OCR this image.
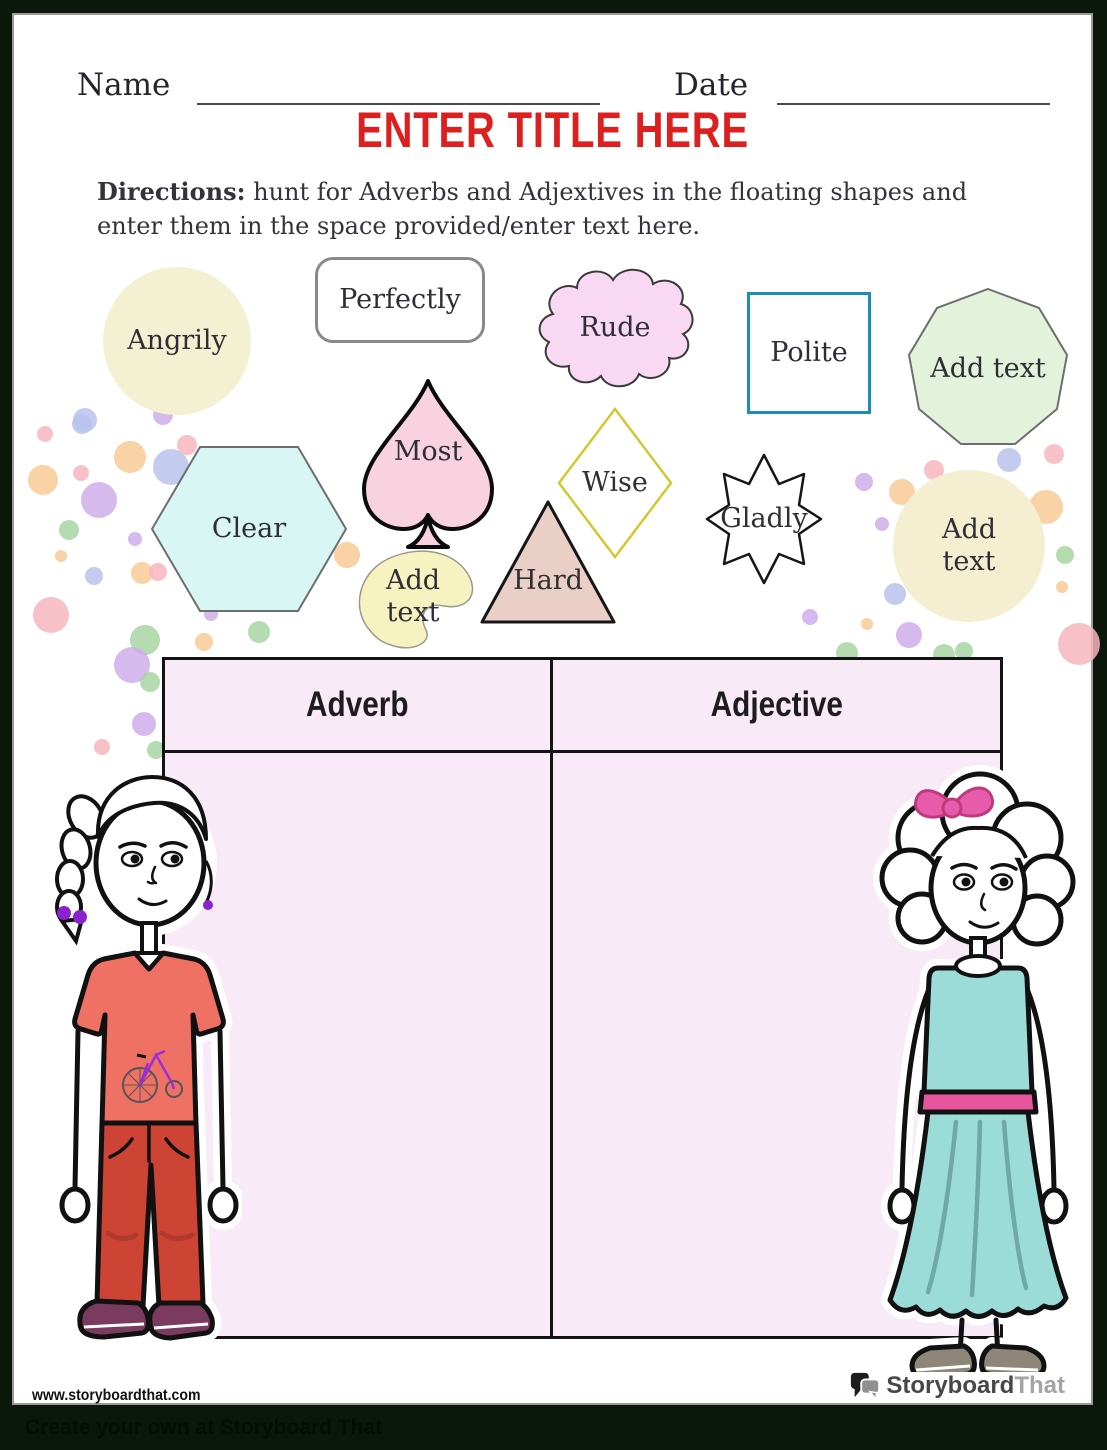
Name	Date
ENTER TITLE HERE
Directions: hunt for Adverbs and Adjextives in the floating shapes and enter them in the space provided/enter text here.
Angrily
Perfectly
Rude
Polite
Add text
Clear
Most
Wise
Gladly
Hard
Add text
Add text
Adverb	Adjective
www.storyboardthat.com	StoryboardThat
Create your own at Storyboard That
